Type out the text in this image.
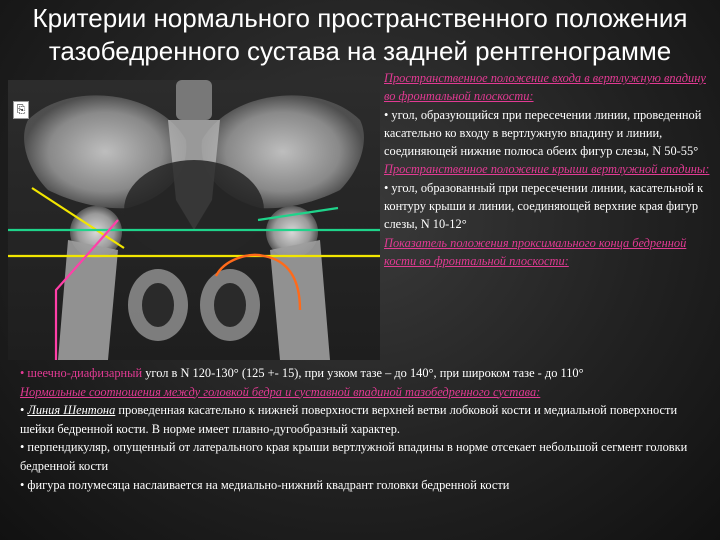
Критерии нормального пространственного положения
тазобедренного сустава на задней рентгенограмме
⎘
Пространственное положение входа в вертлужную впадину во фронтальной плоскости:
• угол, образующийся при пересечении линии, проведенной касательно ко входу в вертлужную впадину и линии, соединяющей нижние полюса обеих фигур слезы, N 50-55°
Пространственное положение крыши вертлужной впадины:
• угол, образованный при пересечении линии, касательной к контуру крыши и линии, соединяющей верхние края фигур слезы, N 10-12°
Показатель положения проксимального конца бедренной кости во фронтальной плоскости:
• шеечно-диафизарный угол в N 120-130° (125 +- 15), при узком тазе – до 140°, при широком тазе - до 110°
Нормальные соотношения между головкой бедра и суставной впадиной тазобедренного сустава:
• Линия Шентона проведенная касательно к нижней поверхности верхней ветви лобковой кости и медиальной поверхности шейки бедренной кости. В норме имеет плавно-дугообразный характер.
• перпендикуляр, опущенный от латерального края крыши вертлужной впадины в норме отсекает небольшой сегмент головки бедренной кости
• фигура полумесяца наслаивается на медиально-нижний квадрант головки бедренной кости
